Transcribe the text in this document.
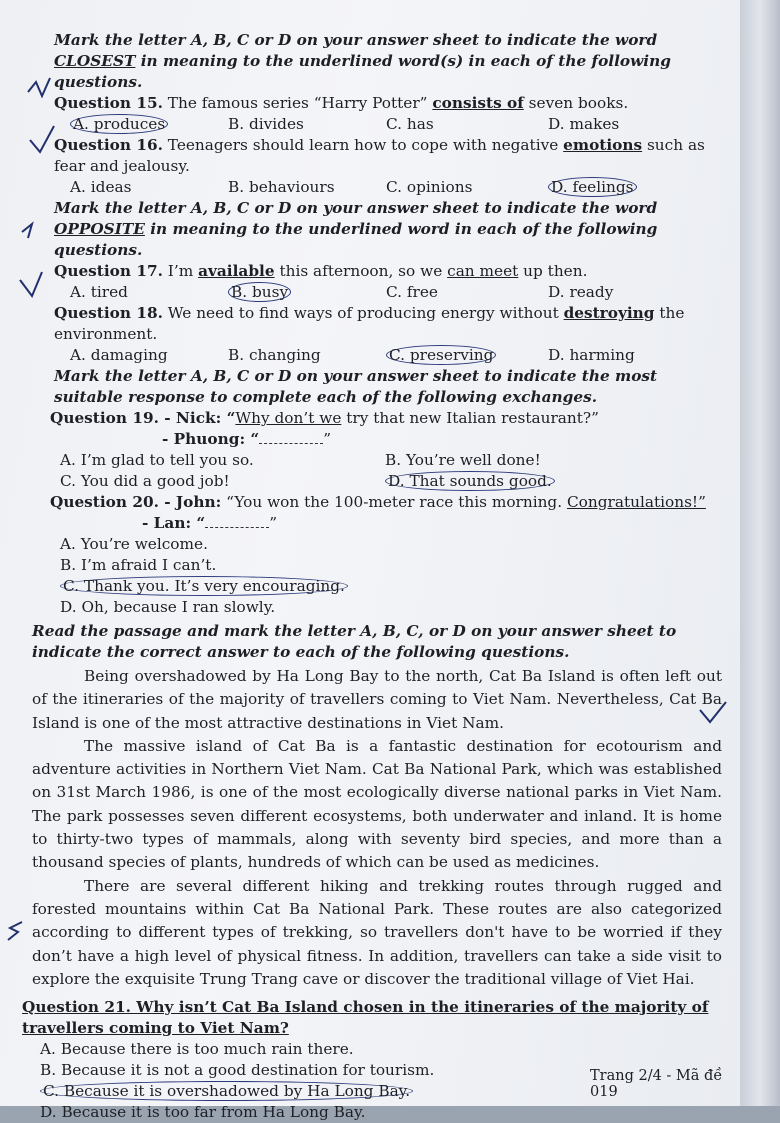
Mark the letter A, B, C or D on your answer sheet to indicate the word CLOSEST in meaning to the underlined word(s) in each of the following questions.
Question 15. The famous series “Harry Potter” consists of seven books.
A. produces	B. divides	C. has	D. makes
Question 16. Teenagers should learn how to cope with negative emotions such as fear and jealousy.
A. ideas	B. behaviours	C. opinions	D. feelings
Mark the letter A, B, C or D on your answer sheet to indicate the word OPPOSITE in meaning to the underlined word in each of the following questions.
Question 17. I’m available this afternoon, so we can meet up then.
A. tired	B. busy	C. free	D. ready
Question 18. We need to find ways of producing energy without destroying the environment.
A. damaging	B. changing	C. preserving	D. harming
Mark the letter A, B, C or D on your answer sheet to indicate the most suitable response to complete each of the following exchanges.
Question 19. - Nick: “Why don’t we try that new Italian restaurant?”
- Phuong: “	”
A. I’m glad to tell you so.	B. You’re well done!
C. You did a good job!	D. That sounds good.
Question 20. - John: “You won the 100-meter race this morning. Congratulations!”
- Lan: “	”
A. You’re welcome.
B. I’m afraid I can’t.
C. Thank you. It’s very encouraging.
D. Oh, because I ran slowly.
Read the passage and mark the letter A, B, C, or D on your answer sheet to indicate the correct answer to each of the following questions.

Being overshadowed by Ha Long Bay to the north, Cat Ba Island is often left out of the itineraries of the majority of travellers coming to Viet Nam. Nevertheless, Cat Ba Island is one of the most attractive destinations in Viet Nam.

The massive island of Cat Ba is a fantastic destination for ecotourism and adventure activities in Northern Viet Nam. Cat Ba National Park, which was established on 31st March 1986, is one of the most ecologically diverse national parks in Viet Nam. The park possesses seven different ecosystems, both underwater and inland. It is home to thirty-two types of mammals, along with seventy bird species, and more than a thousand species of plants, hundreds of which can be used as medicines.

There are several different hiking and trekking routes through rugged and forested mountains within Cat Ba National Park. These routes are also categorized according to different types of trekking, so travellers don't have to be worried if they don’t have a high level of physical fitness. In addition, travellers can take a side visit to explore the exquisite Trung Trang cave or discover the traditional village of Viet Hai.

Question 21. Why isn’t Cat Ba Island chosen in the itineraries of the majority of travellers coming to Viet Nam?
A. Because there is too much rain there.
B. Because it is not a good destination for tourism.
C. Because it is overshadowed by Ha Long Bay.
D. Because it is too far from Ha Long Bay.
Trang 2/4 - Mã đề 019
